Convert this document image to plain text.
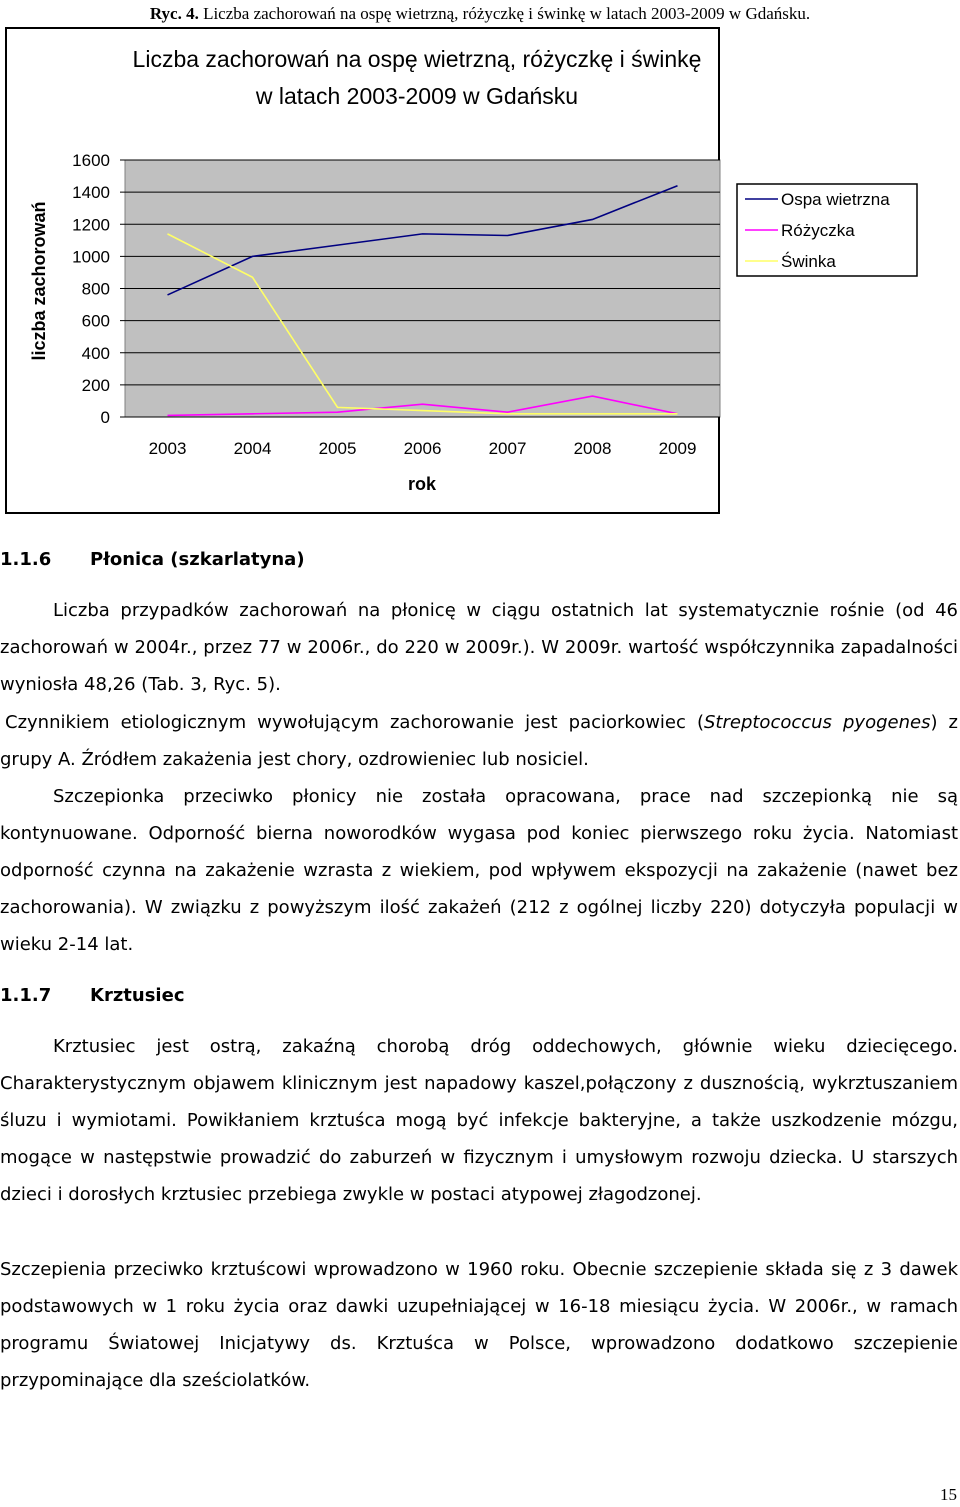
Ryc. 4. Liczba zachorowań na ospę wietrzną, różyczkę i świnkę w latach 2003-2009 w Gdańsku.
Liczba zachorowań na ospę wietrzną, różyczkę i świnkę
w latach 2003-2009 w Gdańsku
liczba zachorowań
rok
0
200
400
600
800
1000
1200
1400
1600
2003	2004	2005	2006	2007	2008	2009
Ospa wietrzna
Różyczka
Świnka
1.1.6 Płonica (szkarlatyna)
Liczba przypadków zachorowań na płonicę w ciągu ostatnich lat systematycznie rośnie (od 46 zachorowań w 2004r., przez 77 w 2006r., do 220 w 2009r.). W 2009r. wartość współczynnika zapadalności wyniosła 48,26 (Tab. 3, Ryc. 5).
Czynnikiem etiologicznym wywołującym zachorowanie jest paciorkowiec (Streptococcus pyogenes) z grupy A. Źródłem zakażenia jest chory, ozdrowieniec lub nosiciel.
Szczepionka przeciwko płonicy nie została opracowana, prace nad szczepionką nie są kontynuowane. Odporność bierna noworodków wygasa pod koniec pierwszego roku życia. Natomiast odporność czynna na zakażenie wzrasta z wiekiem, pod wpływem ekspozycji na zakażenie (nawet bez zachorowania). W związku z powyższym ilość zakażeń (212 z ogólnej liczby 220) dotyczyła populacji w wieku 2-14 lat.
1.1.7 Krztusiec
Krztusiec jest ostrą, zakaźną chorobą dróg oddechowych, głównie wieku dziecięcego. Charakterystycznym objawem klinicznym jest napadowy kaszel,połączony z dusznością, wykrztuszaniem śluzu i wymiotami. Powikłaniem krztuśca mogą być infekcje bakteryjne, a także uszkodzenie mózgu, mogące w następstwie prowadzić do zaburzeń w fizycznym i umysłowym rozwoju dziecka. U starszych dzieci i dorosłych krztusiec przebiega zwykle w postaci atypowej złagodzonej.
Szczepienia przeciwko krztuścowi wprowadzono w 1960 roku. Obecnie szczepienie składa się z 3 dawek podstawowych w 1 roku życia oraz dawki uzupełniającej w 16-18 miesiącu życia. W 2006r., w ramach programu Światowej Inicjatywy ds. Krztuśca w Polsce, wprowadzono dodatkowo szczepienie przypominające dla sześciolatków.
15
